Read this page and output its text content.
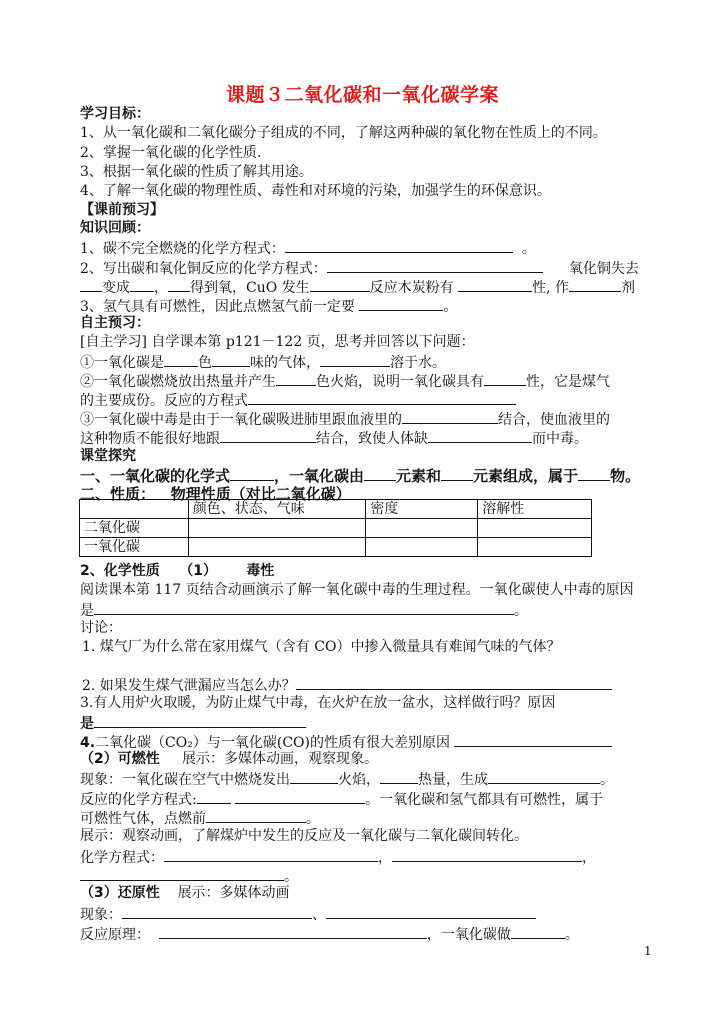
课题３二氧化碳和一氧化碳学案
学习目标：
1、从一氧化碳和二氧化碳分子组成的不同，了解这两种碳的氧化物在性质上的不同。
2、掌握一氧化碳的化学性质.
3、根据一氧化碳的性质了解其用途。
4、了解一氧化碳的物理性质、毒性和对环境的污染，加强学生的环保意识。
【课前预习】
知识回顾：
1、碳不完全燃烧的化学方程式：	。
2、写出碳和氧化铜反应的化学方程式：	氧化铜失去
变成 ， 得到氧，CuO 发生	反应木炭粉有	性, 作	剂
3、氢气具有可燃性，因此点燃氢气前一定要	。
自主预习：
[自主学习] 自学课本第 p121－122 页，思考并回答以下问题：
①一氧化碳是 色	味的气体，	溶于水。
②一氧化碳燃烧放出热量并产生	色火焰，说明一氧化碳具有	性，它是煤气
的主要成份。反应的方程式
③一氧化碳中毒是由于一氧化碳吸进肺里跟血液里的	结合，使血液里的
这种物质不能很好地跟	结合，致使人体缺	而中毒。
课堂探究
一、一氧化碳的化学式	，一氧化碳由 元素和 元素组成，属于 物。
二、性质： 物理性质（对比二氧化碳）
	颜色、状态、气味	密度	溶解性
二氧化碳			
一氧化碳			
2、化学性质 （1） 毒性
阅读课本第 117 页结合动画演示了解一氧化碳中毒的生理过程。一氧化碳使人中毒的原因
是	。
讨论：
1. 煤气厂为什么常在家用煤气（含有 CO）中掺入微量具有难闻气味的气体？
2. 如果发生煤气泄漏应当怎么办？
3.有人用炉火取暖，为防止煤气中毒，在火炉在放一盆水，这样做行吗？原因
是
4.二氧化碳（CO₂）与一氧化碳(CO)的性质有很大差别原因
（2）可燃性 展示：多媒体动画，观察现象。
现象：一氧化碳在空气中燃烧发出	火焰，	热量，生成	。
反应的化学方程式:	。一氧化碳和氢气都具有可燃性，属于
可燃性气体，点燃前	。
展示：观察动画，了解煤炉中发生的反应及一氧化碳与二氧化碳间转化。
化学方程式：	，	，
。
（3）还原性 展示：多媒体动画
现象：	、
反应原理：	，一氧化碳做	。
1
